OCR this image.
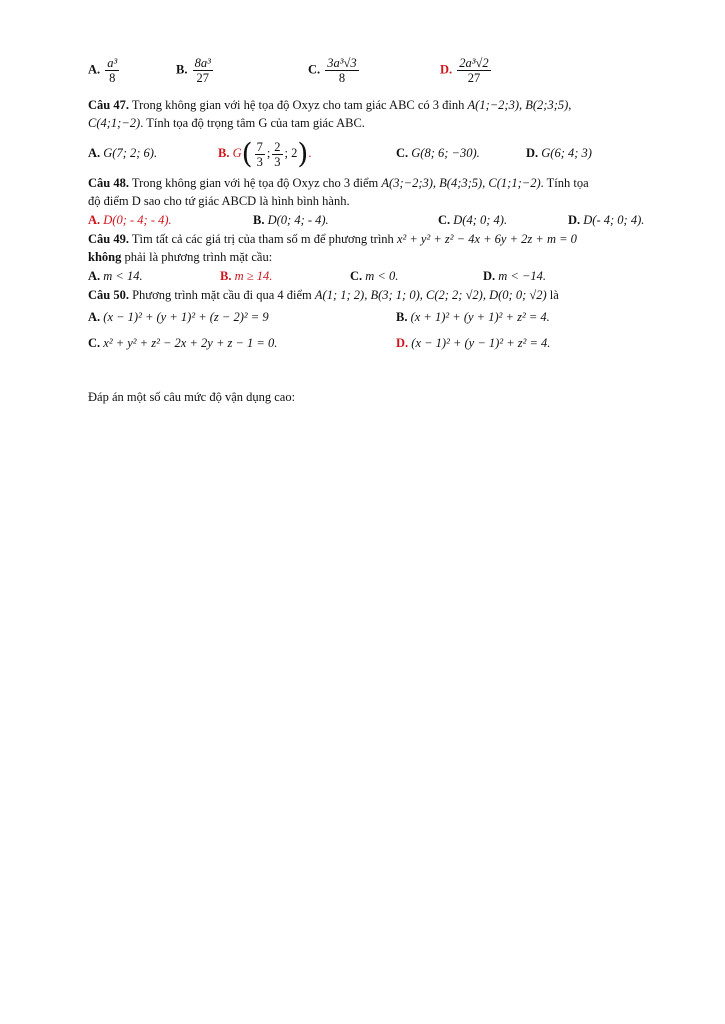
A. $\frac{\text{a³}}{8}$	B. $\frac{\text{8a³}}{27}$	C. $\frac{\text{3a³√3}}{8}$	D. $\frac{\text{2a³√2}}{27}$

Câu 47. Trong không gian với hệ tọa độ Oxyz cho tam giác ABC có 3 đỉnh A(1;−2;3), B(2;3;5),

C(4;1;−2). Tính tọa độ trọng tâm G của tam giác ABC.

A. G(7; 2; 6).	B. $G( \frac{7}{3}$ ; $\frac{2}{3}$ ; 2).	C. G(8; 6; −30).	D. G(6; 4; 3)

Câu 48. Trong không gian với hệ tọa độ Oxyz cho 3 điểm A(3;−2;3), B(4;3;5), C(1;1;−2). Tính tọa

độ điểm D sao cho tứ giác ABCD là hình bình hành.

A. D(0; - 4; - 4).	B. D(0; 4; - 4).	C. D(4; 0; 4).	D. D(- 4; 0; 4).

Câu 49. Tìm tất cả các giá trị của tham số m để phương trình x² + y² + z² − 4x + 6y + 2z + m = 0

không phải là phương trình mặt cầu:

A. m < 14.	B. m ≥ 14.	C. m < 0.	D. m < −14.

Câu 50. Phương trình mặt cầu đi qua 4 điểm A(1; 1; 2), B(3; 1; 0), C(2; 2; √2), D(0; 0; √2) là

A. (x − 1)² + (y + 1)² + (z − 2)² = 9	B. (x + 1)² + (y + 1)² + z² = 4.
C. x² + y² + z² − 2x + 2y + z − 1 = 0.	D. (x − 1)² + (y − 1)² + z² = 4.

Đáp án một số câu mức độ vận dụng cao:
